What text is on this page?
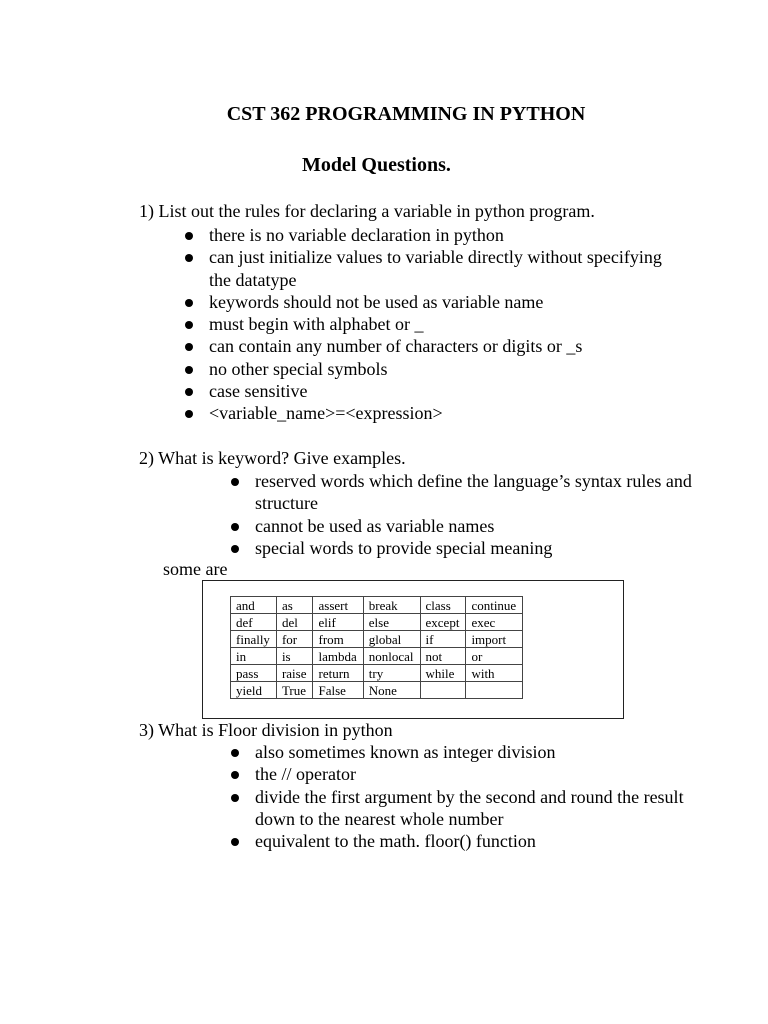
CST 362 PROGRAMMING IN PYTHON
Model Questions.
1) List out the rules for declaring a variable in python program.
there is no variable declaration in python
can just initialize values to variable directly without specifying the datatype
keywords should not be used as variable name
must begin with alphabet or _
can contain any number of characters or digits or _s
no other special symbols
case sensitive
<variable_name>=<expression>
2) What is keyword? Give examples.
reserved words which define the language’s syntax rules and structure
cannot be used as variable names
special words to provide special meaning
some are
and	as	assert	break	class	continue
def	del	elif	else	except	exec
finally	for	from	global	if	import
in	is	lambda	nonlocal	not	or
pass	raise	return	try	while	with
yield	True	False	None		
3) What is Floor division in python
also sometimes known as integer division
the // operator
divide the first argument by the second and round the result down to the nearest whole number
equivalent to the math. floor() function
